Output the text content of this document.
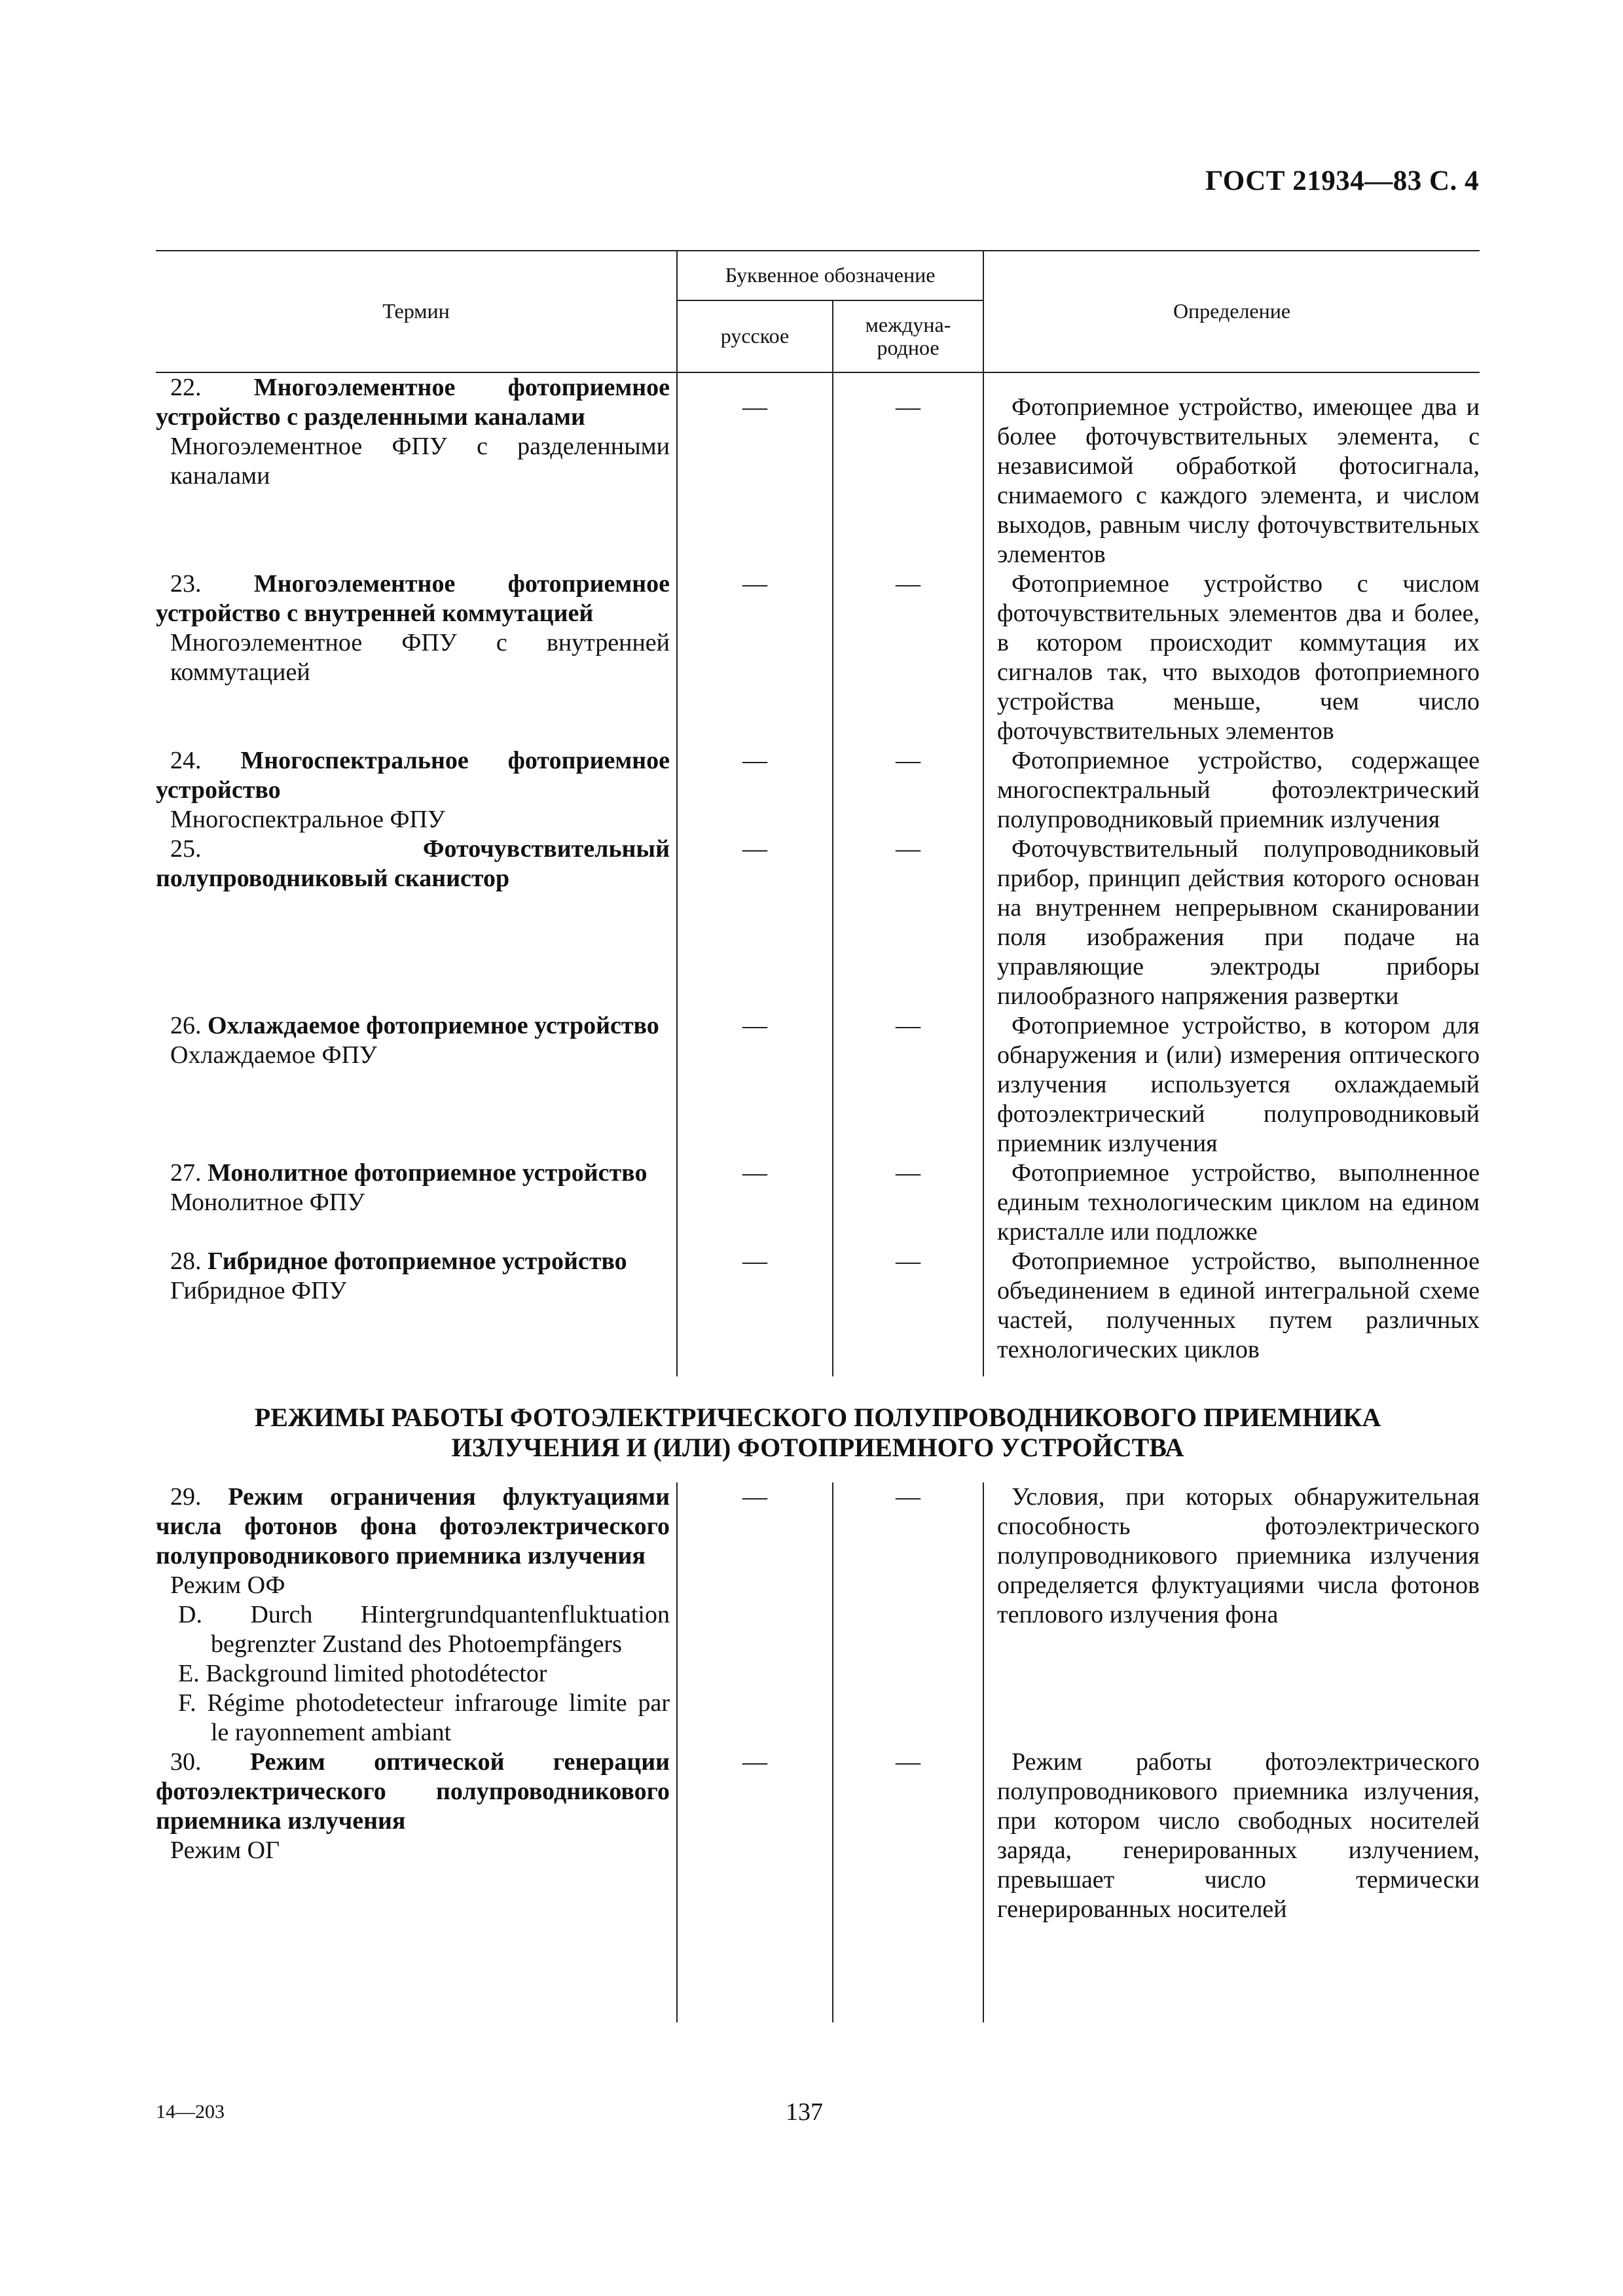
ГОСТ 21934—83 С. 4
Термин	Буквенное обозначение		Определение
	русское	междуна-
родное	

22. Многоэлементное фотоприемное устройство с разделенными каналами
Многоэлементное ФПУ с разделенными каналами	—	—	Фотоприемное устройство, имеющее два и более фоточувствительных элемента, с независимой обработкой фотосигнала, снимаемого с каждого элемента, и числом выходов, равным числу фоточувствительных элементов

23. Многоэлементное фотоприемное устройство с внутренней коммутацией
Многоэлементное ФПУ с внутренней коммутацией	—	—	Фотоприемное устройство с числом фоточувствительных элементов два и более, в котором происходит коммутация их сигналов так, что выходов фотоприемного устройства меньше, чем число фоточувствительных элементов

24. Многоспектральное фотоприемное устройство
Многоспектральное ФПУ	—	—	Фотоприемное устройство, содержащее многоспектральный фотоэлектрический полупроводниковый приемник излучения

25. Фоточувствительный полупроводниковый сканистор	—	—	Фоточувствительный полупроводниковый прибор, принцип действия которого основан на внутреннем непрерывном сканировании поля изображения при подаче на управляющие электроды приборы пилообразного напряжения развертки

26. Охлаждаемое фотоприемное устройство
Охлаждаемое ФПУ	—	—	Фотоприемное устройство, в котором для обнаружения и (или) измерения оптического излучения используется охлаждаемый фотоэлектрический полупроводниковый приемник излучения

27. Монолитное фотоприемное устройство
Монолитное ФПУ	—	—	Фотоприемное устройство, выполненное единым технологическим циклом на едином кристалле или подложке

28. Гибридное фотоприемное устройство
Гибридное ФПУ	—	—	Фотоприемное устройство, выполненное объединением в единой интегральной схеме частей, полученных путем различных технологических циклов

РЕЖИМЫ РАБОТЫ ФОТОЭЛЕКТРИЧЕСКОГО ПОЛУПРОВОДНИКОВОГО ПРИЕМНИКА
ИЗЛУЧЕНИЯ И (ИЛИ) ФОТОПРИЕМНОГО УСТРОЙСТВА			

29. Режим ограничения флуктуациями числа фотонов фона фотоэлектрического полупроводникового приемника излучения
Режим ОФ
D. Durch Hintergrundquantenfluktuation begrenzter Zustand des Photoempfängers
E. Background limited photodétector
F. Régime photodetecteur infrarouge limite par le rayonnement ambiant	—	—	Условия, при которых обнаружительная способность фотоэлектрического полупроводникового приемника излучения определяется флуктуациями числа фотонов теплового излучения фона

30. Режим оптической генерации фотоэлектрического полупроводникового приемника излучения
Режим ОГ	—	—	Режим работы фотоэлектрического полупроводникового приемника излучения, при котором число свободных носителей заряда, генерированных излучением, превышает число термически генерированных носителей
14—203	137
